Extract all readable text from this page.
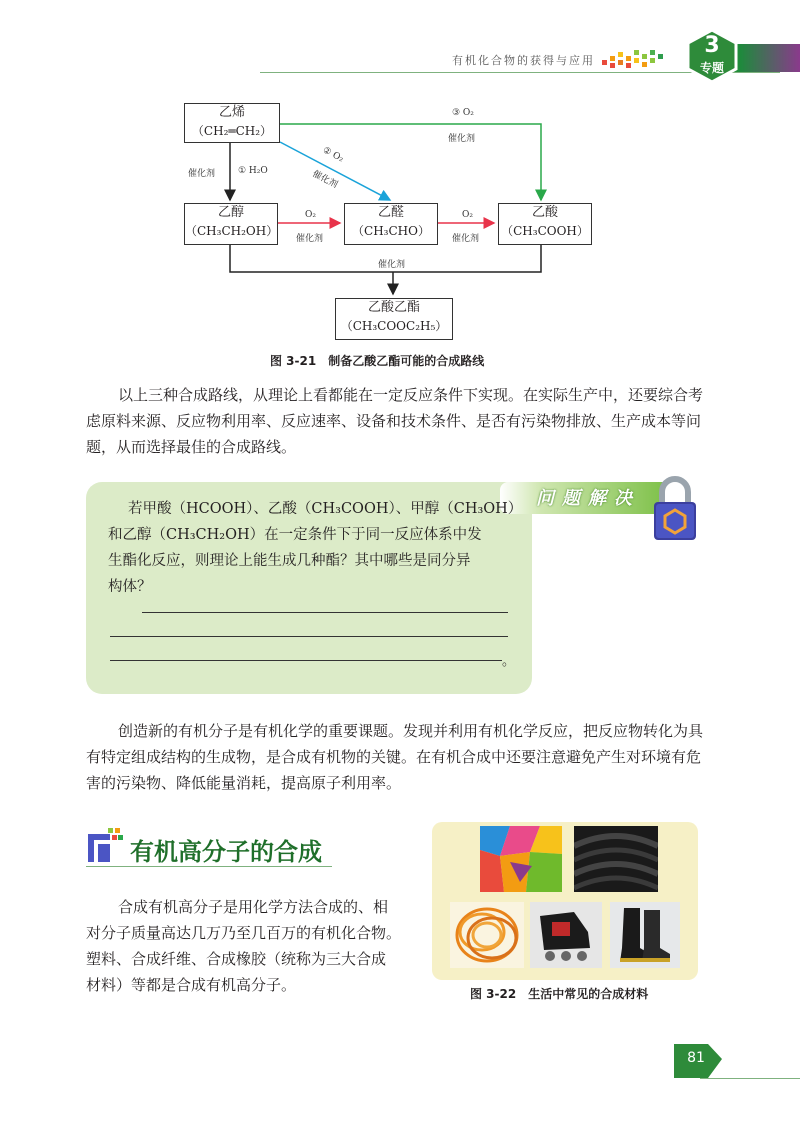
有机化合物的获得与应用
3
专题
乙烯
（CH₂═CH₂）
乙醇
（CH₃CH₂OH）
乙醛
（CH₃CHO）
乙酸
（CH₃COOH）
乙酸乙酯
（CH₃COOC₂H₅）
催化剂	① H₂O
② O₂
催化剂
③ O₂
催化剂
O₂
催化剂
O₂
催化剂
催化剂
图 3-21　制备乙酸乙酯可能的合成路线
以上三种合成路线，从理论上看都能在一定反应条件下实现。在实际生产中，还要综合考
虑原料来源、反应物利用率、反应速率、设备和技术条件、是否有污染物排放、生产成本等问
题，从而选择最佳的合成路线。
问题解决
若甲酸（HCOOH）、乙酸（CH₃COOH）、甲醇（CH₃OH）
和乙醇（CH₃CH₂OH）在一定条件下于同一反应体系中发
生酯化反应，则理论上能生成几种酯？其中哪些是同分异
构体？
。
创造新的有机分子是有机化学的重要课题。发现并利用有机化学反应，把反应物转化为具
有特定组成结构的生成物，是合成有机物的关键。在有机合成中还要注意避免产生对环境有危
害的污染物、降低能量消耗，提高原子利用率。
有机高分子的合成
合成有机高分子是用化学方法合成的、相
对分子质量高达几万乃至几百万的有机化合物。
塑料、合成纤维、合成橡胶（统称为三大合成
材料）等都是合成有机高分子。	图 3-22　生活中常见的合成材料
81
